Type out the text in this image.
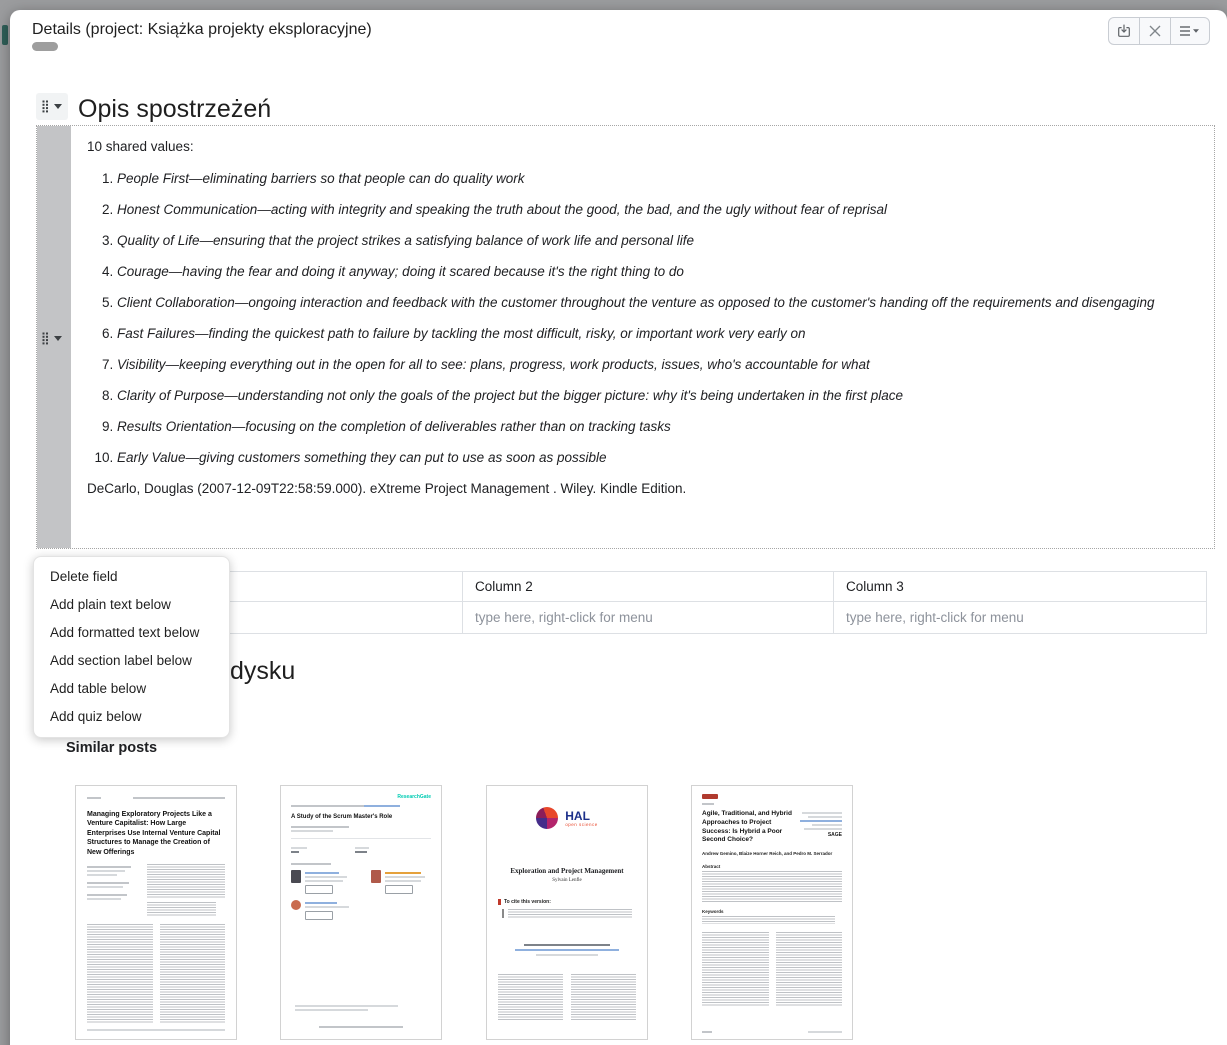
Details (project: Książka projekty eksploracyjne)
Opis spostrzeżeń

10 shared values:

1. People First—eliminating barriers so that people can do quality work
2. Honest Communication—acting with integrity and speaking the truth about the good, the bad, and the ugly without fear of reprisal
3. Quality of Life—ensuring that the project strikes a satisfying balance of work life and personal life
4. Courage—having the fear and doing it anyway; doing it scared because it's the right thing to do
5. Client Collaboration—ongoing interaction and feedback with the customer throughout the venture as opposed to the customer's handing off the requirements and disengaging
6. Fast Failures—finding the quickest path to failure by tackling the most difficult, risky, or important work very early on
7. Visibility—keeping everything out in the open for all to see: plans, progress, work products, issues, who's accountable for what
8. Clarity of Purpose—understanding not only the goals of the project but the bigger picture: why it's being undertaken in the first place
9. Results Orientation—focusing on the completion of deliverables rather than on tracking tasks
10. Early Value—giving customers something they can put to use as soon as possible

DeCarlo, Douglas (2007-12-09T22:58:59.000). eXtreme Project Management . Wiley. Kindle Edition.

	Column 2	Column 3
	type here, right-click for menu	type here, right-click for menu
Delete field
Add plain text below
Add formatted text below
Add section label below
Add table below
Add quiz below
dysku
Similar posts
Managing Exploratory Projects Like a Venture Capitalist: How Large Enterprises Use Internal Venture Capital Structures to Manage the Creation of New Offerings
ResearchGate
A Study of the Scrum Master's Role	HAL
open science
Exploration and Project Management
Sylvain Lenfle
To cite this version:
Agile, Traditional, and Hybrid Approaches to Project Success: Is Hybrid a Poor Second Choice?
SAGE
Andrew Gemino, Blaize Horner Reich, and Pedro M. Serrador
Abstract
Keywords
